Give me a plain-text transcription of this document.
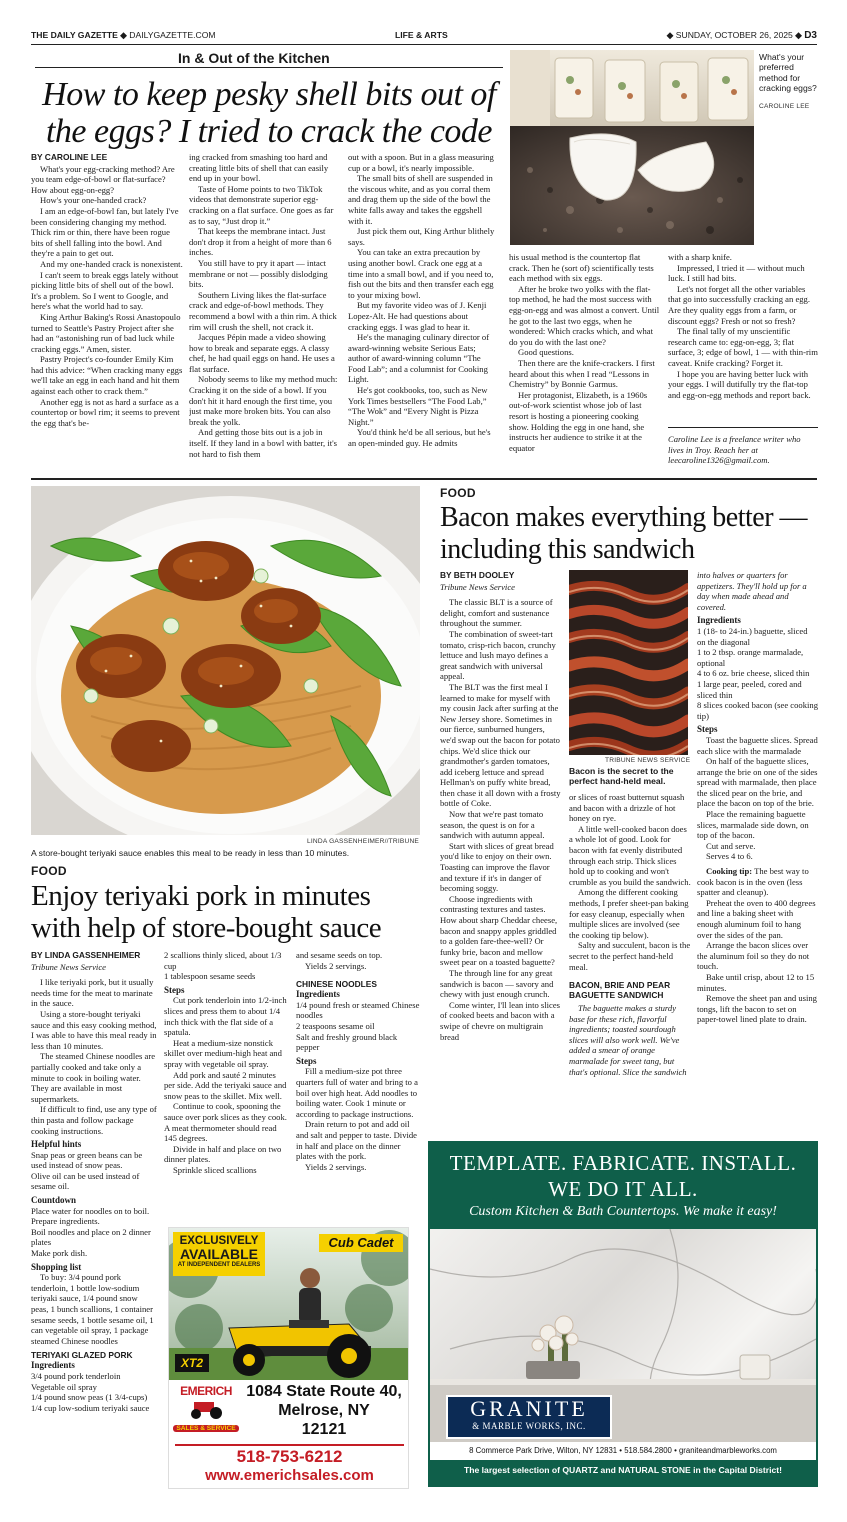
THE DAILY GAZETTE ◆ DAILYGAZETTE.COM	LIFE & ARTS	◆ SUNDAY, OCTOBER 26, 2025 ◆ D3
In & Out of the Kitchen
How to keep pesky shell bits out of the eggs? I tried to crack the code
What's your preferred method for cracking eggs?
CAROLINE LEE
BY CAROLINE LEE

What's your egg-cracking method? Are you team edge-of-bowl or flat-surface? How about egg-on-egg?

How's your one-handed crack?

I am an edge-of-bowl fan, but lately I've been considering changing my method. Thick rim or thin, there have been rogue bits of shell falling into the bowl. And they're a pain to get out.

And my one-handed crack is nonexistent.

I can't seem to break eggs lately without picking little bits of shell out of the bowl. It's a problem. So I went to Google, and here's what the world had to say.

King Arthur Baking's Rossi Anastopoulo turned to Seattle's Pastry Project after she had an “astonishing run of bad luck while cracking eggs.” Amen, sister.

Pastry Project's co-founder Emily Kim had this advice: “When cracking many eggs we'll take an egg in each hand and hit them against each other to crack them.”

Another egg is not as hard a surface as a countertop or bowl rim; it seems to prevent the egg that's be-

ing cracked from smashing too hard and creating little bits of shell that can easily end up in your bowl.

Taste of Home points to two TikTok videos that demonstrate superior egg-cracking on a flat surface. One goes as far as to say, “Just drop it.”

That keeps the membrane intact. Just don't drop it from a height of more than 6 inches.

You still have to pry it apart — intact membrane or not — possibly dislodging bits.

Southern Living likes the flat-surface crack and edge-of-bowl methods. They recommend a bowl with a thin rim. A thick rim will crush the shell, not crack it.

Jacques Pépin made a video showing how to break and separate eggs. A classy chef, he had quail eggs on hand. He uses a flat surface.

Nobody seems to like my method much: Cracking it on the side of a bowl. If you don't hit it hard enough the first time, you just make more broken bits. You can also break the yolk.

And getting those bits out is a job in itself. If they land in a bowl with batter, it's not hard to fish them

out with a spoon. But in a glass measuring cup or a bowl, it's nearly impossible.

The small bits of shell are suspended in the viscous white, and as you corral them and drag them up the side of the bowl the white falls away and takes the eggshell with it.

Just pick them out, King Arthur blithely says.

You can take an extra precaution by using another bowl. Crack one egg at a time into a small bowl, and if you need to, fish out the bits and then transfer each egg to your mixing bowl.

But my favorite video was of J. Kenji Lopez-Alt. He had questions about cracking eggs. I was glad to hear it.

He's the managing culinary director of award-winning website Serious Eats; author of award-winning column “The Food Lab”; and a columnist for Cooking Light.

He's got cookbooks, too, such as New York Times bestsellers “The Food Lab,” “The Wok” and “Every Night is Pizza Night.”

You'd think he'd be all serious, but he's an open-minded guy. He admits

his usual method is the countertop flat crack. Then he (sort of) scientifically tests each method with six eggs.

After he broke two yolks with the flat-top method, he had the most success with egg-on-egg and was almost a convert. Until he got to the last two eggs, when he wondered: Which cracks which, and what do you do with the last one?

Good questions.

Then there are the knife-crackers. I first heard about this when I read “Lessons in Chemistry” by Bonnie Garmus.

Her protagonist, Elizabeth, is a 1960s out-of-work scientist whose job of last resort is hosting a pioneering cooking show. Holding the egg in one hand, she instructs her audience to strike it at the equator

with a sharp knife.

Impressed, I tried it — without much luck. I still had bits.

Let's not forget all the other variables that go into successfully cracking an egg. Are they quality eggs from a farm, or discount eggs? Fresh or not so fresh?

The final tally of my unscientific research came to: egg-on-egg, 3; flat surface, 3; edge of bowl, 1 — with thin-rim caveat. Knife cracking? Forget it.

I hope you are having better luck with your eggs. I will dutifully try the flat-top and egg-on-egg methods and report back.

Caroline Lee is a freelance writer who lives in Troy. Reach her at leecaroline1326@gmail.com.

LINDA GASSENHEIMER//TRIBUNE
A store-bought teriyaki sauce enables this meal to be ready in less than 10 minutes.
FOOD
Enjoy teriyaki pork in minutes with help of store-bought sauce
BY LINDA GASSENHEIMER
Tribune News Service

I like teriyaki pork, but it usually needs time for the meat to marinate in the sauce.

Using a store-bought teriyaki sauce and this easy cooking method, I was able to have this meal ready in less than 10 minutes.

The steamed Chinese noodles are partially cooked and take only a minute to cook in boiling water. They are available in most supermarkets.

If difficult to find, use any type of thin pasta and follow package cooking instructions.

Helpful hints

Snap peas or green beans can be used instead of snow peas.

Olive oil can be used instead of sesame oil.

Countdown

Place water for noodles on to boil.

Prepare ingredients.

Boil noodles and place on 2 dinner plates

Make pork dish.

Shopping list

To buy: 3/4 pound pork tenderloin, 1 bottle low-sodium teriyaki sauce, 1/4 pound snow peas, 1 bunch scallions, 1 container sesame seeds, 1 bottle sesame oil, 1 can vegetable oil spray, 1 package steamed Chinese noodles

TERIYAKI GLAZED PORK
Ingredients

3/4 pound pork tenderloin

Vegetable oil spray

1/4 pound snow peas (1 3/4-cups)

1/4 cup low-sodium teriyaki sauce

2 scallions thinly sliced, about 1/3 cup

1 tablespoon sesame seeds

Steps

Cut pork tenderloin into 1/2-inch slices and press them to about 1/4 inch thick with the flat side of a spatula.

Heat a medium-size nonstick skillet over medium-high heat and spray with vegetable oil spray.

Add pork and sauté 2 minutes per side. Add the teriyaki sauce and snow peas to the skillet. Mix well.

Continue to cook, spooning the sauce over pork slices as they cook. A meat thermometer should read 145 degrees.

Divide in half and place on two dinner plates.

Sprinkle sliced scallions

and sesame seeds on top.

Yields 2 servings.

CHINESE NOODLES
Ingredients

1/4 pound fresh or steamed Chinese noodles

2 teaspoons sesame oil

Salt and freshly ground black pepper

Steps

Fill a medium-size pot three quarters full of water and bring to a boil over high heat. Add noodles to boiling water. Cook 1 minute or according to package instructions.

Drain return to pot and add oil and salt and pepper to taste. Divide in half and place on the dinner plates with the pork.

Yields 2 servings.

EXCLUSIVELY
AVAILABLE
AT INDEPENDENT DEALERS
Cub Cadet
XT2
EMERICH
SALES & SERVICE
1084 State Route 40,
Melrose, NY
12121
518-753-6212
www.emerichsales.com
FOOD
Bacon makes everything better — including this sandwich
BY BETH DOOLEY
Tribune News Service

The classic BLT is a source of delight, comfort and sustenance throughout the summer.

The combination of sweet-tart tomato, crisp-rich bacon, crunchy lettuce and lush mayo defines a great sandwich with universal appeal.

The BLT was the first meal I learned to make for myself with my cousin Jack after surfing at the New Jersey shore. Sometimes in our fierce, sunburned hungers, we'd swap out the bacon for potato chips. We'd slice thick our grandmother's garden tomatoes, add iceberg lettuce and spread Hellman's on puffy white bread, then chase it all down with a frosty bottle of Coke.

Now that we're past tomato season, the quest is on for a sandwich with autumn appeal.

Start with slices of great bread you'd like to enjoy on their own. Toasting can improve the flavor and texture if it's in danger of becoming soggy.

Choose ingredients with contrasting textures and tastes. How about sharp Cheddar cheese, bacon and snappy apples griddled to a golden fare-thee-well? Or funky brie, bacon and mellow sweet pear on a toasted baguette?

The through line for any great sandwich is bacon — savory and chewy with just enough crunch.

Come winter, I'll lean into slices of cooked beets and bacon with a swipe of chevre on multigrain bread

TRIBUNE NEWS SERVICE
Bacon is the secret to the perfect hand-held meal.

or slices of roast butternut squash and bacon with a drizzle of hot honey on rye.

A little well-cooked bacon does a whole lot of good. Look for bacon with fat evenly distributed through each strip. Thick slices hold up to cooking and won't crumble as you build the sandwich.

Among the different cooking methods, I prefer sheet-pan baking for easy cleanup, especially when multiple slices are involved (see the cooking tip below).

Salty and succulent, bacon is the secret to the perfect hand-held meal.

BACON, BRIE AND PEAR BAGUETTE SANDWICH

The baguette makes a sturdy base for these rich, flavorful ingredients; toasted sourdough slices will also work well. We've added a smear of orange marmalade for sweet tang, but that's optional. Slice the sandwich

into halves or quarters for appetizers. They'll hold up for a day when made ahead and covered.

Ingredients

1 (18- to 24-in.) baguette, sliced on the diagonal

1 to 2 tbsp. orange marmalade, optional

4 to 6 oz. brie cheese, sliced thin

1 large pear, peeled, cored and sliced thin

8 slices cooked bacon (see cooking tip)

Steps

Toast the baguette slices. Spread each slice with the marmalade

On half of the baguette slices, arrange the brie on one of the sides spread with marmalade, then place the sliced pear on the brie, and place the bacon on top of the brie.

Place the remaining baguette slices, marmalade side down, on top of the bacon.

Cut and serve.

Serves 4 to 6.

Cooking tip: The best way to cook bacon is in the oven (less spatter and cleanup).

Preheat the oven to 400 degrees and line a baking sheet with enough aluminum foil to hang over the sides of the pan.

Arrange the bacon slices over the aluminum foil so they do not touch.

Bake until crisp, about 12 to 15 minutes.

Remove the sheet pan and using tongs, lift the bacon to set on paper-towel lined plate to drain.

TEMPLATE. FABRICATE. INSTALL.
WE DO IT ALL.
Custom Kitchen & Bath Countertops. We make it easy!
GRANITE
& MARBLE WORKS, INC.
8 Commerce Park Drive, Wilton, NY 12831 • 518.584.2800 • graniteandmarbleworks.com
The largest selection of QUARTZ and NATURAL STONE in the Capital District!
